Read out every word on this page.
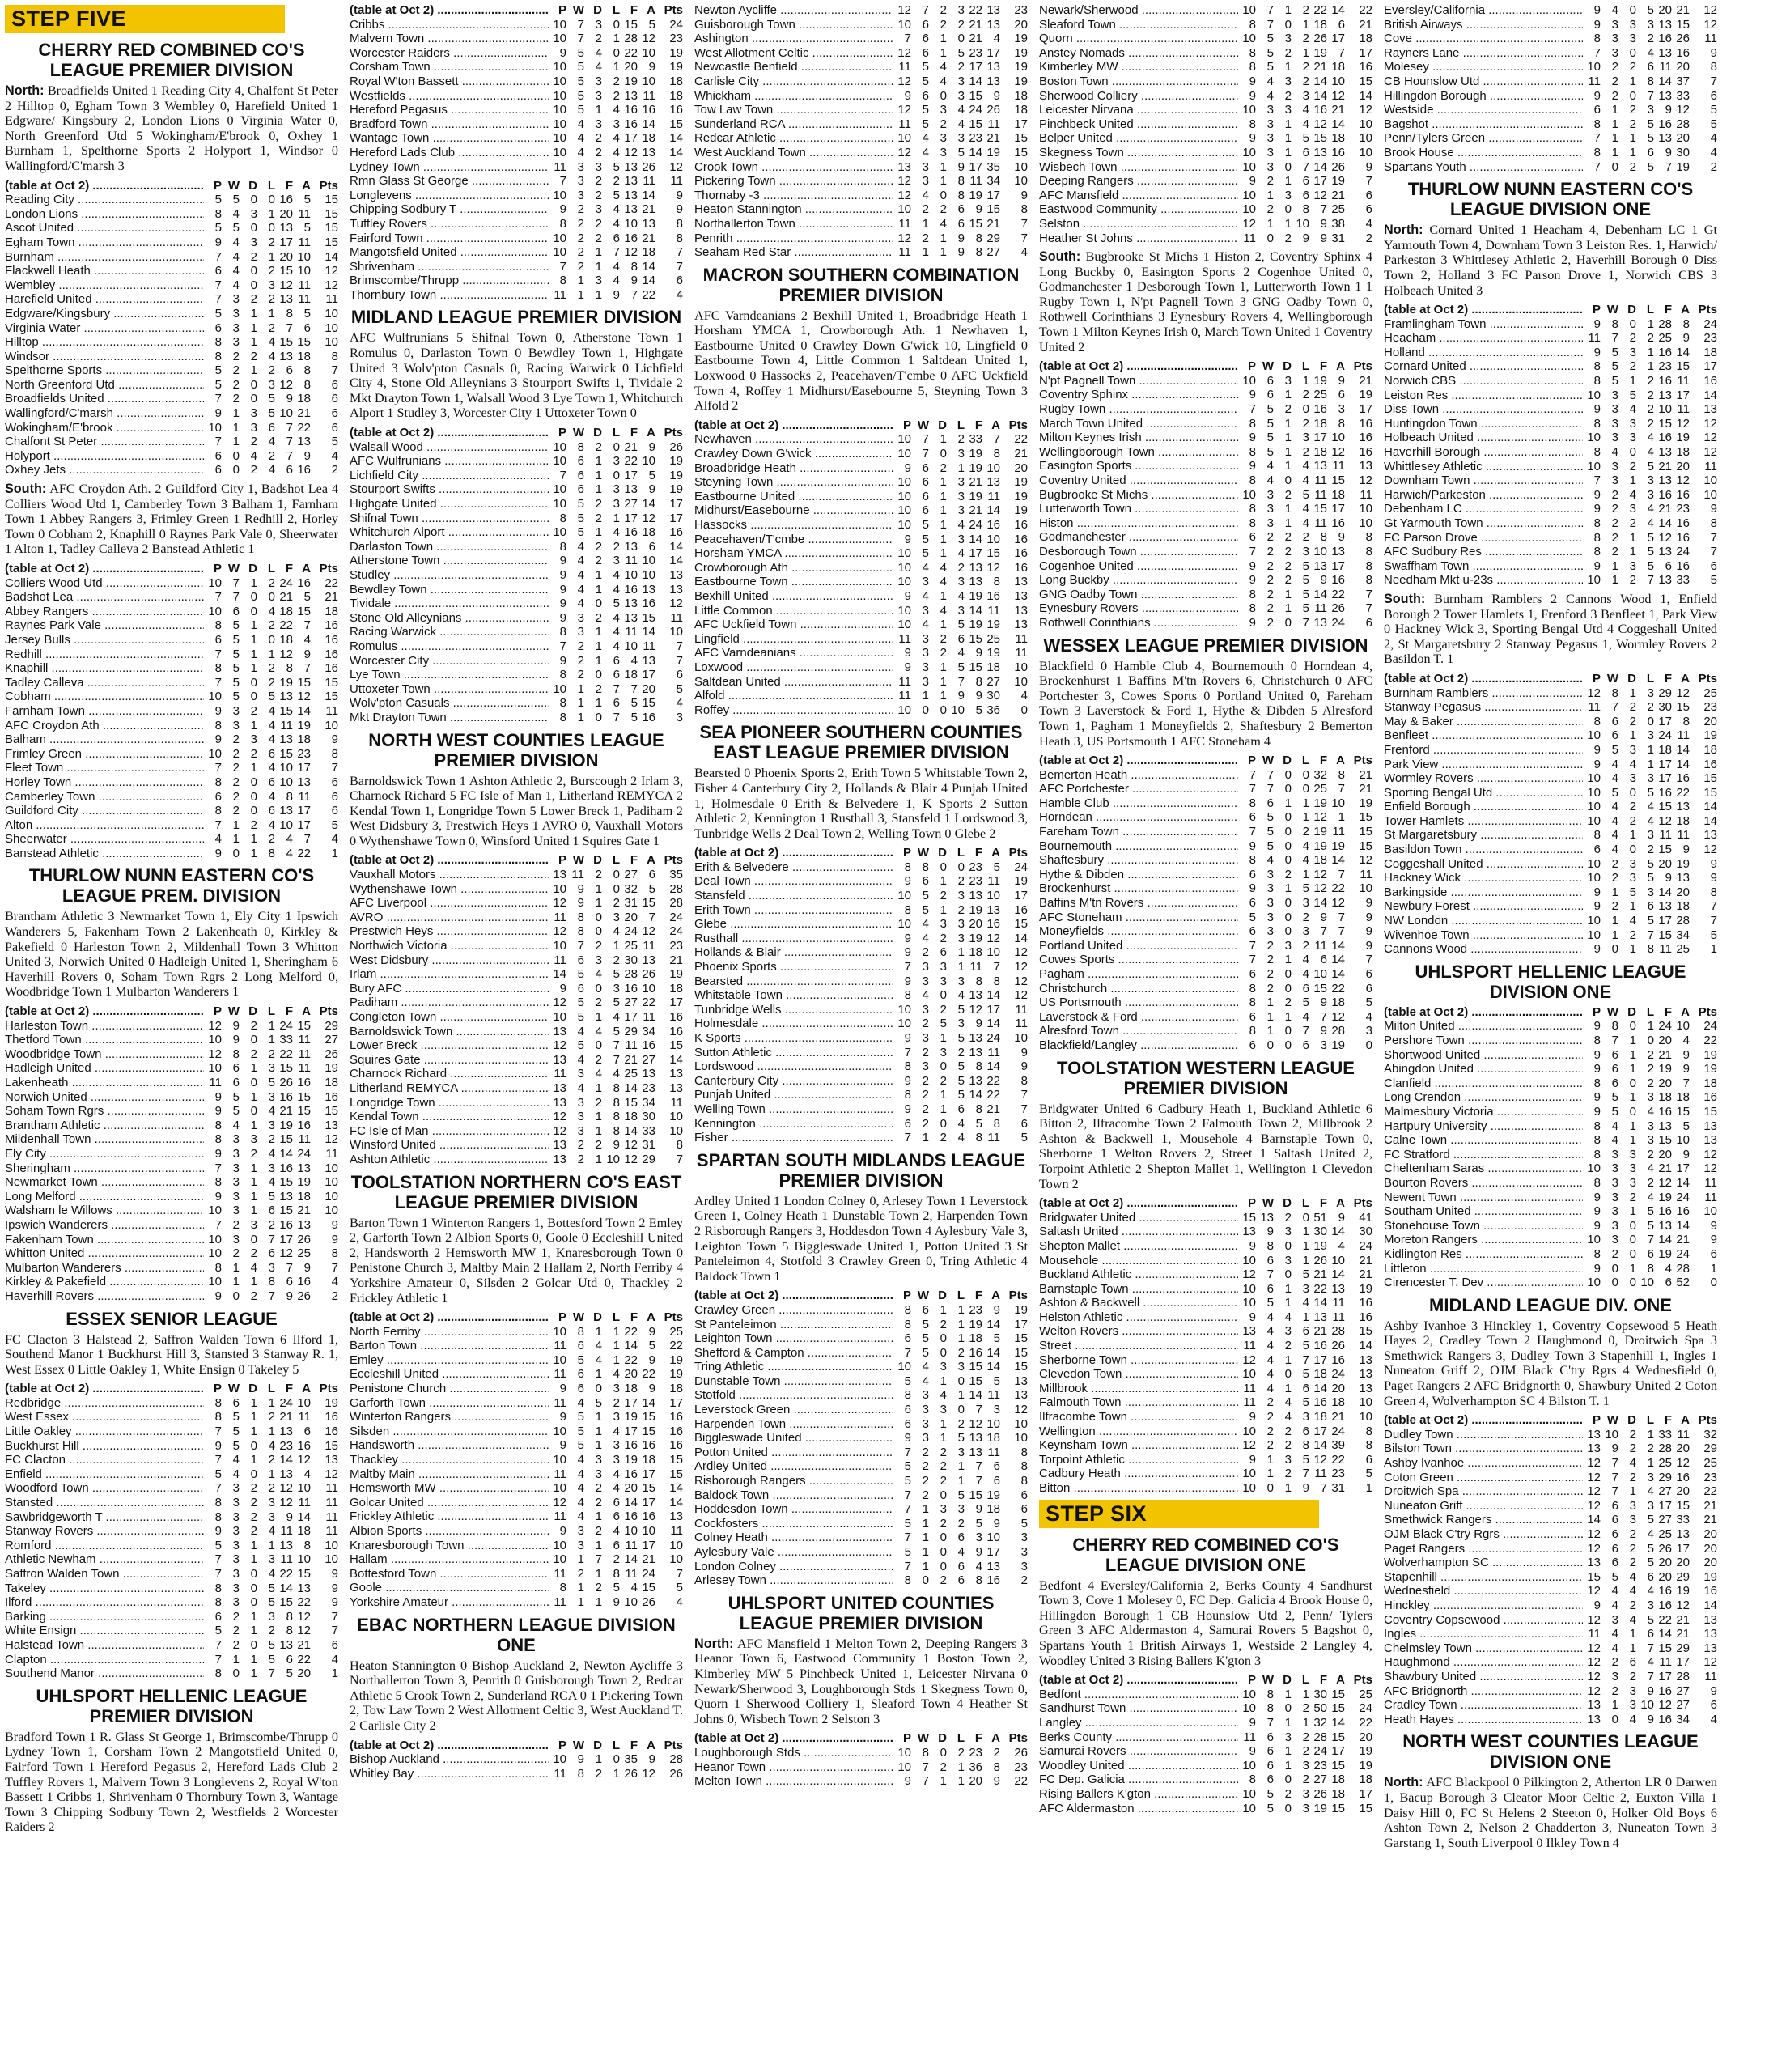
STEP FIVE
CHERRY RED COMBINED CO'S LEAGUE PREMIER DIVISION
North: Broadfields United 1 Reading City 4, Chalfont St Peter 2 Hilltop 0, Egham Town 3 Wembley 0, Harefield United 1 Edgware/ Kingsbury 2, London Lions 0 Virginia Water 0, North Greenford Utd 5 Wokingham/E'brook 0, Oxhey 1 Burnham 1, Spelthorne Sports 2 Holyport 1, Windsor 0 Wallingford/C'marsh 3
(table at Oct 2) .....	P W D L F A Pts
Reading City .....	5 5 0 0 16 5	15
London Lions .....	8 4 3 1 20 11	15
Ascot United .....	5 5 0 0 13 5	15
Egham Town .....	9 4 3 2 17 11	15
Burnham .....	7 4 2 1 20 10	14
Flackwell Heath .....	6 4 0 2 15 10	12
Wembley .....	7 4 0 3 12 11	12
Harefield United .....	7 3 2 2 13 11	11
Edgware/Kingsbury .....	5 3 1 1 8 5	10
Virginia Water .....	6 3 1 2 7 6	10
Hilltop .....	8 3 1 4 15 15	10
Windsor .....	8 2 2 4 13 18	8
Spelthorne Sports .....	5 2 1 2 6 8	7
North Greenford Utd .....	5 2 0 3 12 8	6
Broadfields United .....	7 2 0 5 9 18	6
Wallingford/C'marsh .....	9 1 3 5 10 21	6
Wokingham/E'brook .....	10 1 3 6 7 22	6
Chalfont St Peter .....	7 1 2 4 7 13	5
Holyport .....	6 0 4 2 7 9	4
Oxhey Jets .....	6 0 2 4 6 16	2
South: AFC Croydon Ath. 2 Guildford City 1, Badshot Lea 4 Colliers Wood Utd 1, Camberley Town 3 Balham 1, Farnham Town 1 Abbey Rangers 3, Frimley Green 1 Redhill 2, Horley Town 0 Cobham 2, Knaphill 0 Raynes Park Vale 0, Sheerwater 1 Alton 1, Tadley Calleva 2 Banstead Athletic 1
(table at Oct 2) .....	P W D L F A Pts
Colliers Wood Utd .....	10 7 1 2 24 16	22
Badshot Lea .....	7 7 0 0 21 5	21
Abbey Rangers .....	10 6 0 4 18 15	18
Raynes Park Vale .....	8 5 1 2 22 7	16
Jersey Bulls .....	6 5 1 0 18 4	16
Redhill .....	7 5 1 1 12 9	16
Knaphill .....	8 5 1 2 8 7	16
Tadley Calleva .....	7 5 0 2 19 15	15
Cobham .....	10 5 0 5 13 12	15
Farnham Town .....	9 3 2 4 15 14	11
AFC Croydon Ath .....	8 3 1 4 11 19	10
Balham .....	9 2 3 4 13 18	9
Frimley Green .....	10 2 2 6 15 23	8
Fleet Town .....	7 2 1 4 10 17	7
Horley Town .....	8 2 0 6 10 13	6
Camberley Town .....	6 2 0 4 8 11	6
Guildford City .....	8 2 0 6 13 17	6
Alton .....	7 1 2 4 10 17	5
Sheerwater .....	4 1 1 2 4 7	4
Banstead Athletic .....	9 0 1 8 4 22	1
THURLOW NUNN EASTERN CO'S LEAGUE PREM. DIVISION
Brantham Athletic 3 Newmarket Town 1, Ely City 1 Ipswich Wanderers 5, Fakenham Town 2 Lakenheath 0, Kirkley & Pakefield 0 Harleston Town 2, Mildenhall Town 3 Whitton United 3, Norwich United 0 Hadleigh United 1, Sheringham 6 Haverhill Rovers 0, Soham Town Rgrs 2 Long Melford 0, Woodbridge Town 1 Mulbarton Wanderers 1
(table at Oct 2) .....	P W D L F A Pts
Harleston Town .....	12 9 2 1 24 15	29
Thetford Town .....	10 9 0 1 33 11	27
Woodbridge Town .....	12 8 2 2 22 11	26
Hadleigh United .....	10 6 1 3 15 11	19
Lakenheath .....	11 6 0 5 26 16	18
Norwich United .....	9 5 1 3 16 15	16
Soham Town Rgrs .....	9 5 0 4 21 15	15
Brantham Athletic .....	8 4 1 3 19 16	13
Mildenhall Town .....	8 3 3 2 15 11	12
Ely City .....	9 3 2 4 14 24	11
Sheringham .....	7 3 1 3 16 13	10
Newmarket Town .....	8 3 1 4 15 19	10
Long Melford .....	9 3 1 5 13 18	10
Walsham le Willows .....	10 3 1 6 15 21	10
Ipswich Wanderers .....	7 2 3 2 16 13	9
Fakenham Town .....	10 3 0 7 17 26	9
Whitton United .....	10 2 2 6 12 25	8
Mulbarton Wanderers .....	8 1 4 3 7 9	7
Kirkley & Pakefield .....	10 1 1 8 6 16	4
Haverhill Rovers .....	9 0 2 7 9 26	2
ESSEX SENIOR LEAGUE
FC Clacton 3 Halstead 2, Saffron Walden Town 6 Ilford 1, Southend Manor 1 Buckhurst Hill 3, Stansted 3 Stanway R. 1, West Essex 0 Little Oakley 1, White Ensign 0 Takeley 5
(table at Oct 2) .....	P W D L F A Pts
Redbridge .....	8 6 1 1 24 10	19
West Essex .....	8 5 1 2 21 11	16
Little Oakley .....	7 5 1 1 13 6	16
Buckhurst Hill .....	9 5 0 4 23 16	15
FC Clacton .....	7 4 1 2 14 12	13
Enfield .....	5 4 0 1 13 4	12
Woodford Town .....	7 3 2 2 12 10	11
Stansted .....	8 3 2 3 12 11	11
Sawbridgeworth T .....	8 3 2 3 9 14	11
Stanway Rovers .....	9 3 2 4 11 18	11
Romford .....	5 3 1 1 13 8	10
Athletic Newham .....	7 3 1 3 11 10	10
Saffron Walden Town .....	7 3 0 4 22 15	9
Takeley .....	8 3 0 5 14 13	9
Ilford .....	8 3 0 5 15 22	9
Barking .....	6 2 1 3 8 12	7
White Ensign .....	5 2 1 2 8 12	7
Halstead Town .....	7 2 0 5 13 21	6
Clapton .....	7 1 1 5 6 22	4
Southend Manor .....	8 0 1 7 5 20	1
UHLSPORT HELLENIC LEAGUE PREMIER DIVISION
Bradford Town 1 R. Glass St George 1, Brimscombe/Thrupp 0 Lydney Town 1, Corsham Town 2 Mangotsfield United 0, Fairford Town 1 Hereford Pegasus 2, Hereford Lads Club 2 Tuffley Rovers 1, Malvern Town 3 Longlevens 2, Royal W'ton Bassett 1 Cribbs 1, Shrivenham 0 Thornbury Town 3, Wantage Town 3 Chipping Sodbury Town 2, Westfields 2 Worcester Raiders 2
(table at Oct 2) .....	P W D L F A Pts
Cribbs .....	10 7 3 0 15 5	24
Malvern Town .....	10 7 2 1 28 12	23
Worcester Raiders .....	9 5 4 0 22 10	19
Corsham Town .....	10 5 4 1 20 9	19
Royal W'ton Bassett .....	10 5 3 2 19 10	18
Westfields .....	10 5 3 2 13 11	18
Hereford Pegasus .....	10 5 1 4 16 16	16
Bradford Town .....	10 4 3 3 16 14	15
Wantage Town .....	10 4 2 4 17 18	14
Hereford Lads Club .....	10 4 2 4 12 13	14
Lydney Town .....	11 3 3 5 13 26	12
Rmn Glass St George .....	7 3 2 2 13 11	11
Longlevens .....	10 3 2 5 13 14	9
Chipping Sodbury T .....	9 2 3 4 13 21	9
Tuffley Rovers .....	8 2 2 4 10 13	8
Fairford Town .....	10 2 2 6 16 21	8
Mangotsfield United .....	10 2 1 7 12 18	7
Shrivenham .....	7 2 1 4 8 14	7
Brimscombe/Thrupp .....	8 1 3 4 9 14	6
Thornbury Town .....	11 1 1 9 7 22	4
MIDLAND LEAGUE PREMIER DIVISION
AFC Wulfrunians 5 Shifnal Town 0, Atherstone Town 1 Romulus 0, Darlaston Town 0 Bewdley Town 1, Highgate United 3 Wolv'pton Casuals 0, Racing Warwick 0 Lichfield City 4, Stone Old Alleynians 3 Stourport Swifts 1, Tividale 2 Mkt Drayton Town 1, Walsall Wood 3 Lye Town 1, Whitchurch Alport 1 Studley 3, Worcester City 1 Uttoxeter Town 0
(table at Oct 2) .....	P W D L F A Pts
Walsall Wood .....	10 8 2 0 21 9	26
AFC Wulfrunians .....	10 6 1 3 22 10	19
Lichfield City .....	7 6 1 0 17 5	19
Stourport Swifts .....	10 6 1 3 13 9	19
Highgate United .....	10 5 2 3 27 14	17
Shifnal Town .....	8 5 2 1 17 12	17
Whitchurch Alport .....	10 5 1 4 16 18	16
Darlaston Town .....	8 4 2 2 13 6	14
Atherstone Town .....	9 4 2 3 11 10	14
Studley .....	9 4 1 4 10 10	13
Bewdley Town .....	9 4 1 4 16 13	13
Tividale .....	9 4 0 5 13 16	12
Stone Old Alleynians .....	9 3 2 4 13 15	11
Racing Warwick .....	8 3 1 4 11 14	10
Romulus .....	7 2 1 4 10 11	7
Worcester City .....	9 2 1 6 4 13	7
Lye Town .....	8 2 0 6 18 17	6
Uttoxeter Town .....	10 1 2 7 7 20	5
Wolv'pton Casuals .....	8 1 1 6 5 15	4
Mkt Drayton Town .....	8 1 0 7 5 16	3
NORTH WEST COUNTIES LEAGUE PREMIER DIVISION
Barnoldswick Town 1 Ashton Athletic 2, Burscough 2 Irlam 3, Charnock Richard 5 FC Isle of Man 1, Litherland REMYCA 2 Kendal Town 1, Longridge Town 5 Lower Breck 1, Padiham 2 West Didsbury 3, Prestwich Heys 1 AVRO 0, Vauxhall Motors 0 Wythenshawe Town 0, Winsford United 1 Squires Gate 1
(table at Oct 2) .....	P W D L F A Pts
Vauxhall Motors .....	13 11 2 0 27 6	35
Wythenshawe Town .....	10 9 1 0 32 5	28
AFC Liverpool .....	12 9 1 2 31 15	28
AVRO .....	11 8 0 3 20 7	24
Prestwich Heys .....	12 8 0 4 24 12	24
Northwich Victoria .....	10 7 2 1 25 11	23
West Didsbury .....	11 6 3 2 30 13	21
Irlam .....	14 5 4 5 28 26	19
Bury AFC .....	9 6 0 3 16 10	18
Padiham .....	12 5 2 5 27 22	17
Congleton Town .....	10 5 1 4 17 11	16
Barnoldswick Town .....	13 4 4 5 29 34	16
Lower Breck .....	12 5 0 7 11 16	15
Squires Gate .....	13 4 2 7 21 27	14
Charnock Richard .....	11 3 4 4 25 13	13
Litherland REMYCA .....	13 4 1 8 14 23	13
Longridge Town .....	13 3 2 8 15 34	11
Kendal Town .....	12 3 1 8 18 30	10
FC Isle of Man .....	12 3 1 8 14 33	10
Winsford United .....	13 2 2 9 12 31	8
Ashton Athletic .....	13 2 1 10 12 29	7
TOOLSTATION NORTHERN CO'S EAST LEAGUE PREMIER DIVISION
Barton Town 1 Winterton Rangers 1, Bottesford Town 2 Emley 2, Garforth Town 2 Albion Sports 0, Goole 0 Eccleshill United 2, Handsworth 2 Hemsworth MW 1, Knaresborough Town 0 Penistone Church 3, Maltby Main 2 Hallam 2, North Ferriby 4 Yorkshire Amateur 0, Silsden 2 Golcar Utd 0, Thackley 2 Frickley Athletic 1
(table at Oct 2) .....	P W D L F A Pts
North Ferriby .....	10 8 1 1 22 9	25
Barton Town .....	11 6 4 1 14 5	22
Emley .....	10 5 4 1 22 9	19
Eccleshill United .....	11 6 1 4 20 22	19
Penistone Church .....	9 6 0 3 18 9	18
Garforth Town .....	11 4 5 2 17 14	17
Winterton Rangers .....	9 5 1 3 19 15	16
Silsden .....	10 5 1 4 17 15	16
Handsworth .....	9 5 1 3 16 16	16
Thackley .....	10 4 3 3 19 18	15
Maltby Main .....	11 4 3 4 16 17	15
Hemsworth MW .....	10 4 2 4 20 15	14
Golcar United .....	12 4 2 6 14 17	14
Frickley Athletic .....	11 4 1 6 16 16	13
Albion Sports .....	9 3 2 4 10 10	11
Knaresborough Town .....	10 3 1 6 11 17	10
Hallam .....	10 1 7 2 14 21	10
Bottesford Town .....	11 2 1 8 11 24	7
Goole .....	8 1 2 5 4 15	5
Yorkshire Amateur .....	11 1 1 9 10 26	4
EBAC NORTHERN LEAGUE DIVISION ONE
Heaton Stannington 0 Bishop Auckland 2, Newton Aycliffe 3 Northallerton Town 3, Penrith 0 Guisborough Town 2, Redcar Athletic 5 Crook Town 2, Sunderland RCA 0 1 Pickering Town 2, Tow Law Town 2 West Allotment Celtic 3, West Auckland T. 2 Carlisle City 2
(table at Oct 2) .....	P W D L F A Pts
Bishop Auckland .....	10 9 1 0 35 9	28
Whitley Bay .....	11 8 2 1 26 12	26
Newton Aycliffe .....	12 7 2 3 22 13	23
Guisborough Town .....	10 6 2 2 21 13	20
Ashington .....	7 6 1 0 21 4	19
West Allotment Celtic .....	12 6 1 5 23 17	19
Newcastle Benfield .....	11 5 4 2 17 13	19
Carlisle City .....	12 5 4 3 14 13	19
Whickham .....	9 6 0 3 15 9	18
Tow Law Town .....	12 5 3 4 24 26	18
Sunderland RCA .....	11 5 2 4 15 11	17
Redcar Athletic .....	10 4 3 3 23 21	15
West Auckland Town .....	12 4 3 5 14 19	15
Crook Town .....	13 3 1 9 17 35	10
Pickering Town .....	12 3 1 8 11 34	10
Thornaby -3 .....	12 4 0 8 19 17	9
Heaton Stannington .....	10 2 2 6 9 15	8
Northallerton Town .....	11 1 4 6 15 21	7
Penrith .....	12 2 1 9 8 29	7
Seaham Red Star .....	11 1 1 9 8 27	4
MACRON SOUTHERN COMBINATION PREMIER DIVISION
AFC Varndeanians 2 Bexhill United 1, Broadbridge Heath 1 Horsham YMCA 1, Crowborough Ath. 1 Newhaven 1, Eastbourne United 0 Crawley Down G'wick 10, Lingfield 0 Eastbourne Town 4, Little Common 1 Saltdean United 1, Loxwood 0 Hassocks 2, Peacehaven/T'cmbe 0 AFC Uckfield Town 4, Roffey 1 Midhurst/Easebourne 5, Steyning Town 3 Alfold 2
(table at Oct 2) .....	P W D L F A Pts
Newhaven .....	10 7 1 2 33 7	22
Crawley Down G'wick .....	10 7 0 3 19 8	21
Broadbridge Heath .....	9 6 2 1 19 10	20
Steyning Town .....	10 6 1 3 21 13	19
Eastbourne United .....	10 6 1 3 19 11	19
Midhurst/Easebourne .....	10 6 1 3 21 14	19
Hassocks .....	10 5 1 4 24 16	16
Peacehaven/T'cmbe .....	9 5 1 3 14 10	16
Horsham YMCA .....	10 5 1 4 17 15	16
Crowborough Ath .....	10 4 4 2 13 12	16
Eastbourne Town .....	10 3 4 3 13 8	13
Bexhill United .....	9 4 1 4 19 16	13
Little Common .....	10 3 4 3 14 11	13
AFC Uckfield Town .....	10 4 1 5 19 19	13
Lingfield .....	11 3 2 6 15 25	11
AFC Varndeanians .....	9 3 2 4 9 19	11
Loxwood .....	9 3 1 5 15 18	10
Saltdean United .....	11 3 1 7 8 27	10
Alfold .....	11 1 1 9 9 30	4
Roffey .....	10 0 0 10 5 36	0
SEA PIONEER SOUTHERN COUNTIES EAST LEAGUE PREMIER DIVISION
Bearsted 0 Phoenix Sports 2, Erith Town 5 Whitstable Town 2, Fisher 4 Canterbury City 2, Hollands & Blair 4 Punjab United 1, Holmesdale 0 Erith & Belvedere 1, K Sports 2 Sutton Athletic 2, Kennington 1 Rusthall 3, Stansfeld 1 Lordswood 3, Tunbridge Wells 2 Deal Town 2, Welling Town 0 Glebe 2
(table at Oct 2) .....	P W D L F A Pts
Erith & Belvedere .....	8 8 0 0 23 5	24
Deal Town .....	9 6 1 2 23 11	19
Stansfeld .....	10 5 2 3 13 10	17
Erith Town .....	8 5 1 2 19 13	16
Glebe .....	10 4 3 3 20 16	15
Rusthall .....	9 4 2 3 19 12	14
Hollands & Blair .....	9 2 6 1 18 10	12
Phoenix Sports .....	7 3 3 1 11 7	12
Bearsted .....	9 3 3 3 8 8	12
Whitstable Town .....	8 4 0 4 13 14	12
Tunbridge Wells .....	10 3 2 5 12 17	11
Holmesdale .....	10 2 5 3 9 14	11
K Sports .....	9 3 1 5 13 24	10
Sutton Athletic .....	7 2 3 2 13 11	9
Lordswood .....	8 3 0 5 8 14	9
Canterbury City .....	9 2 2 5 13 22	8
Punjab United .....	8 2 1 5 14 22	7
Welling Town .....	9 2 1 6 8 21	7
Kennington .....	6 2 0 4 5 8	6
Fisher .....	7 1 2 4 8 11	5
SPARTAN SOUTH MIDLANDS LEAGUE PREMIER DIVISION
Ardley United 1 London Colney 0, Arlesey Town 1 Leverstock Green 1, Colney Heath 1 Dunstable Town 2, Harpenden Town 2 Risborough Rangers 3, Hoddesdon Town 4 Aylesbury Vale 3, Leighton Town 5 Biggleswade United 1, Potton United 3 St Panteleimon 4, Stotfold 3 Crawley Green 0, Tring Athletic 4 Baldock Town 1
(table at Oct 2) .....	P W D L F A Pts
Crawley Green .....	8 6 1 1 23 9	19
St Panteleimon .....	8 5 2 1 19 14	17
Leighton Town .....	6 5 0 1 18 5	15
Shefford & Campton .....	7 5 0 2 16 14	15
Tring Athletic .....	10 4 3 3 15 14	15
Dunstable Town .....	5 4 1 0 15 5	13
Stotfold .....	8 3 4 1 14 11	13
Leverstock Green .....	6 3 3 0 7 3	12
Harpenden Town .....	6 3 1 2 12 10	10
Biggleswade United .....	9 3 1 5 13 18	10
Potton United .....	7 2 2 3 13 11	8
Ardley United .....	5 2 2 1 7 6	8
Risborough Rangers .....	5 2 2 1 7 6	8
Baldock Town .....	7 2 0 5 15 19	6
Hoddesdon Town .....	7 1 3 3 9 18	6
Cockfosters .....	5 1 2 2 5 9	5
Colney Heath .....	7 1 0 6 3 10	3
Aylesbury Vale .....	5 1 0 4 9 17	3
London Colney .....	7 1 0 6 4 13	3
Arlesey Town .....	8 0 2 6 8 16	2
UHLSPORT UNITED COUNTIES LEAGUE PREMIER DIVISION
North: AFC Mansfield 1 Melton Town 2, Deeping Rangers 3 Heanor Town 6, Eastwood Community 1 Boston Town 2, Kimberley MW 5 Pinchbeck United 1, Leicester Nirvana 0 Newark/Sherwood 3, Loughborough Stds 1 Skegness Town 0, Quorn 1 Sherwood Colliery 1, Sleaford Town 4 Heather St Johns 0, Wisbech Town 2 Selston 3
(table at Oct 2) .....	P W D L F A Pts
Loughborough Stds .....	10 8 0 2 23 2	26
Heanor Town .....	10 7 2 1 36 8	23
Melton Town .....	9 7 1 1 20 9	22
Newark/Sherwood .....	10 7 1 2 22 14	22
Sleaford Town .....	8 7 0 1 18 6	21
Quorn .....	10 5 3 2 26 17	18
Anstey Nomads .....	8 5 2 1 19 7	17
Kimberley MW .....	8 5 1 2 21 18	16
Boston Town .....	9 4 3 2 14 10	15
Sherwood Colliery .....	9 4 2 3 14 12	14
Leicester Nirvana .....	10 3 3 4 16 21	12
Pinchbeck United .....	8 3 1 4 12 14	10
Belper United .....	9 3 1 5 15 18	10
Skegness Town .....	10 3 1 6 13 16	10
Wisbech Town .....	10 3 0 7 14 26	9
Deeping Rangers .....	9 2 1 6 17 19	7
AFC Mansfield .....	10 1 3 6 12 21	6
Eastwood Community .....	10 2 0 8 7 25	6
Selston .....	12 1 1 10 9 38	4
Heather St Johns .....	11 0 2 9 9 31	2
South: Bugbrooke St Michs 1 Histon 2, Coventry Sphinx 4 Long Buckby 0, Easington Sports 2 Cogenhoe United 0, Godmanchester 1 Desborough Town 1, Lutterworth Town 1 1 Rugby Town 1, N'pt Pagnell Town 3 GNG Oadby Town 0, Rothwell Corinthians 3 Eynesbury Rovers 4, Wellingborough Town 1 Milton Keynes Irish 0, March Town United 1 Coventry United 2
(table at Oct 2) .....	P W D L F A Pts
N'pt Pagnell Town .....	10 6 3 1 19 9	21
Coventry Sphinx .....	9 6 1 2 25 6	19
Rugby Town .....	7 5 2 0 16 3	17
March Town United .....	8 5 1 2 18 8	16
Milton Keynes Irish .....	9 5 1 3 17 10	16
Wellingborough Town .....	8 5 1 2 18 12	16
Easington Sports .....	9 4 1 4 13 11	13
Coventry United .....	8 4 0 4 11 15	12
Bugbrooke St Michs .....	10 3 2 5 11 18	11
Lutterworth Town .....	8 3 1 4 15 17	10
Histon .....	8 3 1 4 11 16	10
Godmanchester .....	6 2 2 2 8 9	8
Desborough Town .....	7 2 2 3 10 13	8
Cogenhoe United .....	9 2 2 5 13 17	8
Long Buckby .....	9 2 2 5 9 16	8
GNG Oadby Town .....	8 2 1 5 14 22	7
Eynesbury Rovers .....	8 2 1 5 11 26	7
Rothwell Corinthians .....	9 2 0 7 13 24	6
WESSEX LEAGUE PREMIER DIVISION
Blackfield 0 Hamble Club 4, Bournemouth 0 Horndean 4, Brockenhurst 1 Baffins M'tn Rovers 6, Christchurch 0 AFC Portchester 3, Cowes Sports 0 Portland United 0, Fareham Town 3 Laverstock & Ford 1, Hythe & Dibden 5 Alresford Town 1, Pagham 1 Moneyfields 2, Shaftesbury 2 Bemerton Heath 3, US Portsmouth 1 AFC Stoneham 4
(table at Oct 2) .....	P W D L F A Pts
Bemerton Heath .....	7 7 0 0 32 8	21
AFC Portchester .....	7 7 0 0 25 7	21
Hamble Club .....	8 6 1 1 19 10	19
Horndean .....	6 5 0 1 12 1	15
Fareham Town .....	7 5 0 2 19 11	15
Bournemouth .....	9 5 0 4 19 19	15
Shaftesbury .....	8 4 0 4 18 14	12
Hythe & Dibden .....	6 3 2 1 12 7	11
Brockenhurst .....	9 3 1 5 12 22	10
Baffins M'tn Rovers .....	6 3 0 3 14 12	9
AFC Stoneham .....	5 3 0 2 9 7	9
Moneyfields .....	6 3 0 3 7 7	9
Portland United .....	7 2 3 2 11 14	9
Cowes Sports .....	7 2 1 4 6 14	7
Pagham .....	6 2 0 4 10 14	6
Christchurch .....	8 2 0 6 15 22	6
US Portsmouth .....	8 1 2 5 9 18	5
Laverstock & Ford .....	6 1 1 4 7 12	4
Alresford Town .....	8 1 0 7 9 28	3
Blackfield/Langley .....	6 0 0 6 3 19	0
TOOLSTATION WESTERN LEAGUE PREMIER DIVISION
Bridgwater United 6 Cadbury Heath 1, Buckland Athletic 6 Bitton 2, Ilfracombe Town 2 Falmouth Town 2, Millbrook 2 Ashton & Backwell 1, Mousehole 4 Barnstaple Town 0, Sherborne 1 Welton Rovers 2, Street 1 Saltash United 2, Torpoint Athletic 2 Shepton Mallet 1, Wellington 1 Clevedon Town 2
(table at Oct 2) .....	P W D L F A Pts
Bridgwater United .....	15 13 2 0 51 9	41
Saltash United .....	13 9 3 1 30 14	30
Shepton Mallet .....	9 8 0 1 19 4	24
Mousehole .....	10 6 3 1 26 10	21
Buckland Athletic .....	12 7 0 5 21 14	21
Barnstaple Town .....	10 6 1 3 22 13	19
Ashton & Backwell .....	10 5 1 4 14 11	16
Helston Athletic .....	9 4 4 1 13 11	16
Welton Rovers .....	13 4 3 6 21 28	15
Street .....	11 4 2 5 16 26	14
Sherborne Town .....	12 4 1 7 17 16	13
Clevedon Town .....	10 4 0 5 18 24	13
Millbrook .....	11 4 1 6 14 20	13
Falmouth Town .....	11 2 4 5 16 18	10
Ilfracombe Town .....	9 2 4 3 18 21	10
Wellington .....	10 2 2 6 17 24	8
Keynsham Town .....	12 2 2 8 14 39	8
Torpoint Athletic .....	9 1 3 5 12 22	6
Cadbury Heath .....	10 1 2 7 11 23	5
Bitton .....	10 0 1 9 7 31	1
STEP SIX
CHERRY RED COMBINED CO'S LEAGUE DIVISION ONE
Bedfont 4 Eversley/California 2, Berks County 4 Sandhurst Town 3, Cove 1 Molesey 0, FC Dep. Galicia 4 Brook House 0, Hillingdon Borough 1 CB Hounslow Utd 2, Penn/ Tylers Green 3 AFC Aldermaston 4, Samurai Rovers 5 Bagshot 0, Spartans Youth 1 British Airways 1, Westside 2 Langley 4, Woodley United 3 Rising Ballers K'gton 3
(table at Oct 2) .....	P W D L F A Pts
Bedfont .....	10 8 1 1 30 15	25
Sandhurst Town .....	10 8 0 2 50 15	24
Langley .....	9 7 1 1 32 14	22
Berks County .....	11 6 3 2 28 15	20
Samurai Rovers .....	9 6 1 2 24 17	19
Woodley United .....	10 6 1 3 23 15	19
FC Dep. Galicia .....	8 6 0 2 27 18	18
Rising Ballers K'gton .....	10 5 2 3 26 18	17
AFC Aldermaston .....	10 5 0 3 19 15	15
Eversley/California .....	9 4 0 5 20 21	12
British Airways .....	9 3 3 3 13 15	12
Cove .....	8 3 3 2 16 26	11
Rayners Lane .....	7 3 0 4 13 16	9
Molesey .....	10 2 2 6 11 20	8
CB Hounslow Utd .....	11 2 1 8 14 37	7
Hillingdon Borough .....	9 2 0 7 13 33	6
Westside .....	6 1 2 3 9 12	5
Bagshot .....	8 1 2 5 16 28	5
Penn/Tylers Green .....	7 1 1 5 13 20	4
Brook House .....	8 1 1 6 9 30	4
Spartans Youth .....	7 0 2 5 7 19	2
THURLOW NUNN EASTERN CO'S LEAGUE DIVISION ONE
North: Cornard United 1 Heacham 4, Debenham LC 1 Gt Yarmouth Town 4, Downham Town 3 Leiston Res. 1, Harwich/ Parkeston 3 Whittlesey Athletic 2, Haverhill Borough 0 Diss Town 2, Holland 3 FC Parson Drove 1, Norwich CBS 3 Holbeach United 3
(table at Oct 2) .....	P W D L F A Pts
Framlingham Town .....	9 8 0 1 28 8	24
Heacham .....	11 7 2 2 25 9	23
Holland .....	9 5 3 1 16 14	18
Cornard United .....	8 5 2 1 23 15	17
Norwich CBS .....	8 5 1 2 16 11	16
Leiston Res .....	10 3 5 2 13 17	14
Diss Town .....	9 3 4 2 10 11	13
Huntingdon Town .....	8 3 3 2 15 12	12
Holbeach United .....	10 3 3 4 16 19	12
Haverhill Borough .....	8 4 0 4 13 18	12
Whittlesey Athletic .....	10 3 2 5 21 20	11
Downham Town .....	7 3 1 3 13 12	10
Harwich/Parkeston .....	9 2 4 3 16 16	10
Debenham LC .....	9 2 3 4 21 23	9
Gt Yarmouth Town .....	8 2 2 4 14 16	8
FC Parson Drove .....	8 2 1 5 12 16	7
AFC Sudbury Res .....	8 2 1 5 13 24	7
Swaffham Town .....	9 1 3 5 6 16	6
Needham Mkt u-23s .....	10 1 2 7 13 33	5
South: Burnham Ramblers 2 Cannons Wood 1, Enfield Borough 2 Tower Hamlets 1, Frenford 3 Benfleet 1, Park View 0 Hackney Wick 3, Sporting Bengal Utd 4 Coggeshall United 2, St Margaretsbury 2 Stanway Pegasus 1, Wormley Rovers 2 Basildon T. 1
(table at Oct 2) .....	P W D L F A Pts
Burnham Ramblers .....	12 8 1 3 29 12	25
Stanway Pegasus .....	11 7 2 2 30 15	23
May & Baker .....	8 6 2 0 17 8	20
Benfleet .....	10 6 1 3 24 11	19
Frenford .....	9 5 3 1 18 14	18
Park View .....	9 4 4 1 17 14	16
Wormley Rovers .....	10 4 3 3 17 16	15
Sporting Bengal Utd .....	10 5 0 5 16 22	15
Enfield Borough .....	10 4 2 4 15 13	14
Tower Hamlets .....	10 4 2 4 12 18	14
St Margaretsbury .....	8 4 1 3 11 11	13
Basildon Town .....	6 4 0 2 15 9	12
Coggeshall United .....	10 2 3 5 20 19	9
Hackney Wick .....	10 2 3 5 9 13	9
Barkingside .....	9 1 5 3 14 20	8
Newbury Forest .....	9 2 1 6 13 18	7
NW London .....	10 1 4 5 17 28	7
Wivenhoe Town .....	10 1 2 7 15 34	5
Cannons Wood .....	9 0 1 8 11 25	1
UHLSPORT HELLENIC LEAGUE DIVISION ONE
(table at Oct 2) .....	P W D L F A Pts
Milton United .....	9 8 0 1 24 10	24
Pershore Town .....	8 7 1 0 20 4	22
Shortwood United .....	9 6 1 2 21 9	19
Abingdon United .....	9 6 1 2 19 9	19
Clanfield .....	8 6 0 2 20 7	18
Long Crendon .....	9 5 1 3 18 18	16
Malmesbury Victoria .....	9 5 0 4 16 15	15
Hartpury University .....	8 4 1 3 13 5	13
Calne Town .....	8 4 1 3 15 10	13
FC Stratford .....	8 3 3 2 20 9	12
Cheltenham Saras .....	10 3 3 4 21 17	12
Bourton Rovers .....	8 3 3 2 12 14	11
Newent Town .....	9 3 2 4 19 24	11
Southam United .....	9 3 1 5 16 16	10
Stonehouse Town .....	9 3 0 5 13 14	9
Moreton Rangers .....	10 3 0 7 14 21	9
Kidlington Res .....	8 2 0 6 19 24	6
Littleton .....	9 0 1 8 4 28	1
Cirencester T. Dev .....	10 0 0 10 6 52	0
MIDLAND LEAGUE DIV. ONE
Ashby Ivanhoe 3 Hinckley 1, Coventry Copsewood 5 Heath Hayes 2, Cradley Town 2 Haughmond 0, Droitwich Spa 3 Smethwick Rangers 3, Dudley Town 3 Stapenhill 1, Ingles 1 Nuneaton Griff 2, OJM Black C'try Rgrs 4 Wednesfield 0, Paget Rangers 2 AFC Bridgnorth 0, Shawbury United 2 Coton Green 4, Wolverhampton SC 4 Bilston T. 1
(table at Oct 2) .....	P W D L F A Pts
Dudley Town .....	13 10 2 1 33 11	32
Bilston Town .....	13 9 2 2 28 20	29
Ashby Ivanhoe .....	12 7 4 1 25 12	25
Coton Green .....	12 7 2 3 29 16	23
Droitwich Spa .....	12 7 1 4 27 20	22
Nuneaton Griff .....	12 6 3 3 17 15	21
Smethwick Rangers .....	14 6 3 5 27 33	21
OJM Black C'try Rgrs .....	12 6 2 4 25 13	20
Paget Rangers .....	12 6 2 5 26 17	20
Wolverhampton SC .....	13 6 2 5 20 20	20
Stapenhill .....	15 5 4 6 20 29	19
Wednesfield .....	12 4 4 4 16 19	16
Hinckley .....	9 4 2 3 16 12	14
Coventry Copsewood .....	12 3 4 5 22 21	13
Ingles .....	11 4 1 6 14 21	13
Chelmsley Town .....	12 4 1 7 15 29	13
Haughmond .....	12 2 6 4 11 17	12
Shawbury United .....	12 3 2 7 17 28	11
AFC Bridgnorth .....	12 2 3 9 16 27	9
Cradley Town .....	13 1 3 10 12 27	6
Heath Hayes .....	13 0 4 9 16 34	4
NORTH WEST COUNTIES LEAGUE DIVISION ONE
North: AFC Blackpool 0 Pilkington 2, Atherton LR 0 Darwen 1, Bacup Borough 3 Cleator Moor Celtic 2, Euxton Villa 1 Daisy Hill 0, FC St Helens 2 Steeton 0, Holker Old Boys 6 Ashton Town 2, Nelson 2 Chadderton 3, Nuneaton Town 3 Garstang 1, South Liverpool 0 Ilkley Town 4
